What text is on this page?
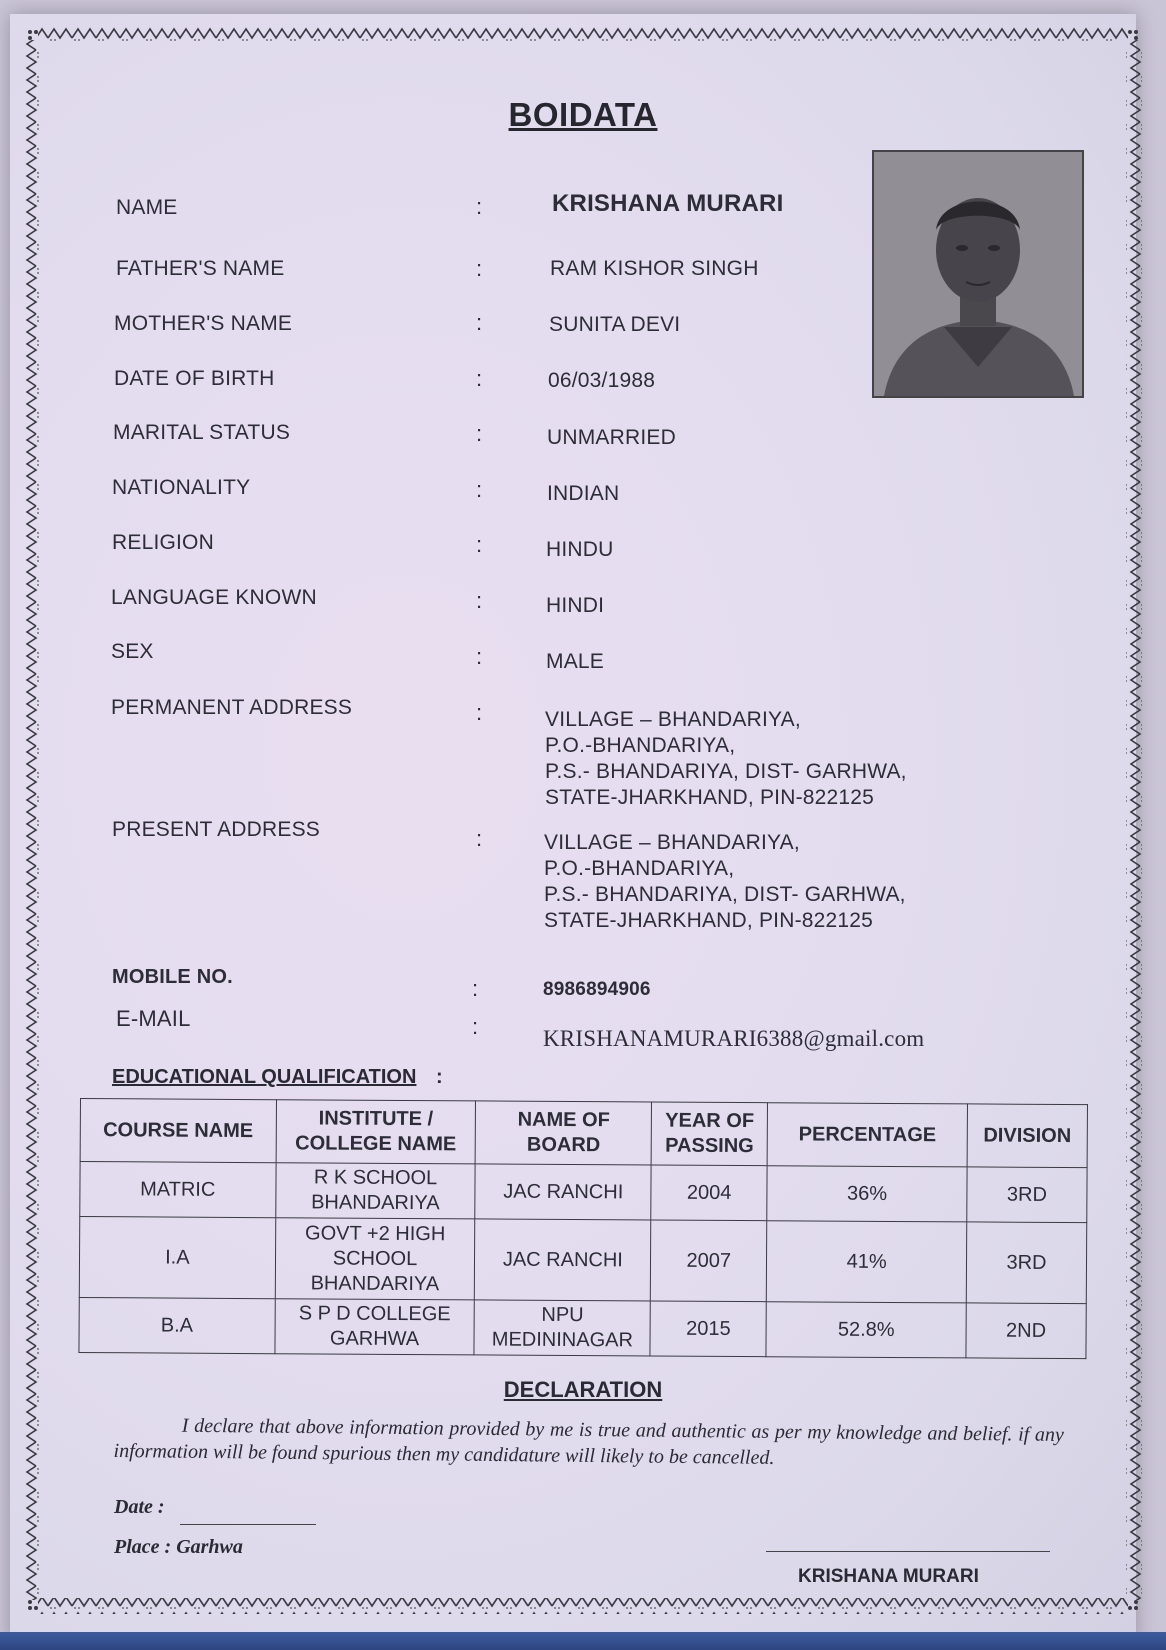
BOIDATA
NAME	:	KRISHANA MURARI
FATHER'S NAME	:	RAM KISHOR SINGH
MOTHER'S NAME	:	SUNITA DEVI
DATE OF BIRTH	:	06/03/1988
MARITAL STATUS	:	UNMARRIED
NATIONALITY	:	INDIAN
RELIGION	:	HINDU
LANGUAGE KNOWN	:	HINDI
SEX	:	MALE
PERMANENT ADDRESS	:	VILLAGE – BHANDARIYA,
P.O.-BHANDARIYA,
P.S.- BHANDARIYA, DIST- GARHWA,
STATE-JHARKHAND, PIN-822125
PRESENT ADDRESS	:	VILLAGE – BHANDARIYA,
P.O.-BHANDARIYA,
P.S.- BHANDARIYA, DIST- GARHWA,
STATE-JHARKHAND, PIN-822125
MOBILE NO.	:	8986894906
E-MAIL	:	KRISHANAMURARI6388@gmail.com
EDUCATIONAL QUALIFICATION :
COURSE NAME	INSTITUTE / COLLEGE NAME	NAME OF BOARD	YEAR OF PASSING	PERCENTAGE	DIVISION
MATRIC	R K SCHOOL BHANDARIYA	JAC RANCHI	2004	36%	3RD
I.A	GOVT +2 HIGH SCHOOL BHANDARIYA	JAC RANCHI	2007	41%	3RD
B.A	S P D COLLEGE GARHWA	NPU MEDININAGAR	2015	52.8%	2ND
DECLARATION
I declare that above information provided by me is true and authentic as per my knowledge and belief. if any information will be found spurious then my candidature will likely to be cancelled.
Date :
Place : Garhwa
KRISHANA MURARI
